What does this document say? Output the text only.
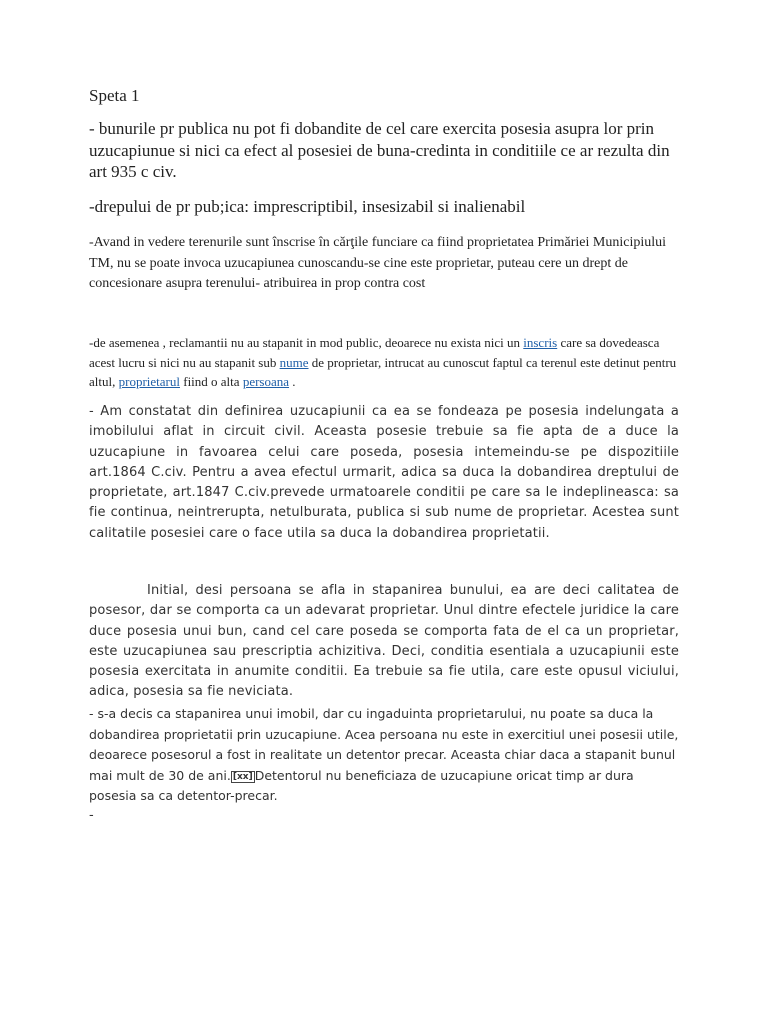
Speta 1
- bunurile pr publica nu pot fi dobandite de cel care exercita posesia asupra lor prin uzucapiunue si nici ca efect al posesiei de buna-credinta in conditiile ce ar rezulta din art 935 c civ.
-drepului de pr pub;ica: imprescriptibil, insesizabil si inalienabil
-Avand in vedere terenurile sunt înscrise în cărţile funciare ca fiind proprietatea Primăriei Municipiului TM, nu se poate invoca uzucapiunea cunoscandu-se cine este proprietar, puteau cere un drept de concesionare asupra terenului- atribuirea in prop contra cost
-de asemenea , reclamantii nu au stapanit in mod public, deoarece nu exista nici un inscris care sa dovedeasca acest lucru si nici nu au stapanit sub nume de proprietar, intrucat au cunoscut faptul ca terenul este detinut pentru altul, proprietarul fiind o alta persoana .
- Am constatat din definirea uzucapiunii ca ea se fondeaza pe posesia indelungata a imobilului aflat in circuit civil. Aceasta posesie trebuie sa fie apta de a duce la uzucapiune in favoarea celui care poseda, posesia intemeindu-se pe dispozitiile art.1864 C.civ. Pentru a avea efectul urmarit, adica sa duca la dobandirea dreptului de proprietate, art.1847 C.civ.prevede urmatoarele conditii pe care sa le indeplineasca: sa fie continua, neintrerupta, netulburata, publica si sub nume de proprietar. Acestea sunt calitatile posesiei care o face utila sa duca la dobandirea proprietatii.
Initial, desi persoana se afla in stapanirea bunului, ea are deci calitatea de posesor, dar se comporta ca un adevarat proprietar. Unul dintre efectele juridice la care duce posesia unui bun, cand cel care poseda se comporta fata de el ca un proprietar, este uzucapiunea sau prescriptia achizitiva. Deci, conditia esentiala a uzucapiunii este posesia exercitata in anumite conditii. Ea trebuie sa fie utila, care este opusul viciului, adica, posesia sa fie neviciata.
- s-a decis ca stapanirea unui imobil, dar cu ingaduinta proprietarului, nu poate sa duca la dobandirea proprietatii prin uzucapiune. Acea persoana nu este in exercitiul unei posesii utile, deoarece posesorul a fost in realitate un detentor precar. Aceasta chiar daca a stapanit bunul mai mult de 30 de ani. [xx] Detentorul nu beneficiaza de uzucapiune oricat timp ar dura posesia sa ca detentor-precar.
-
